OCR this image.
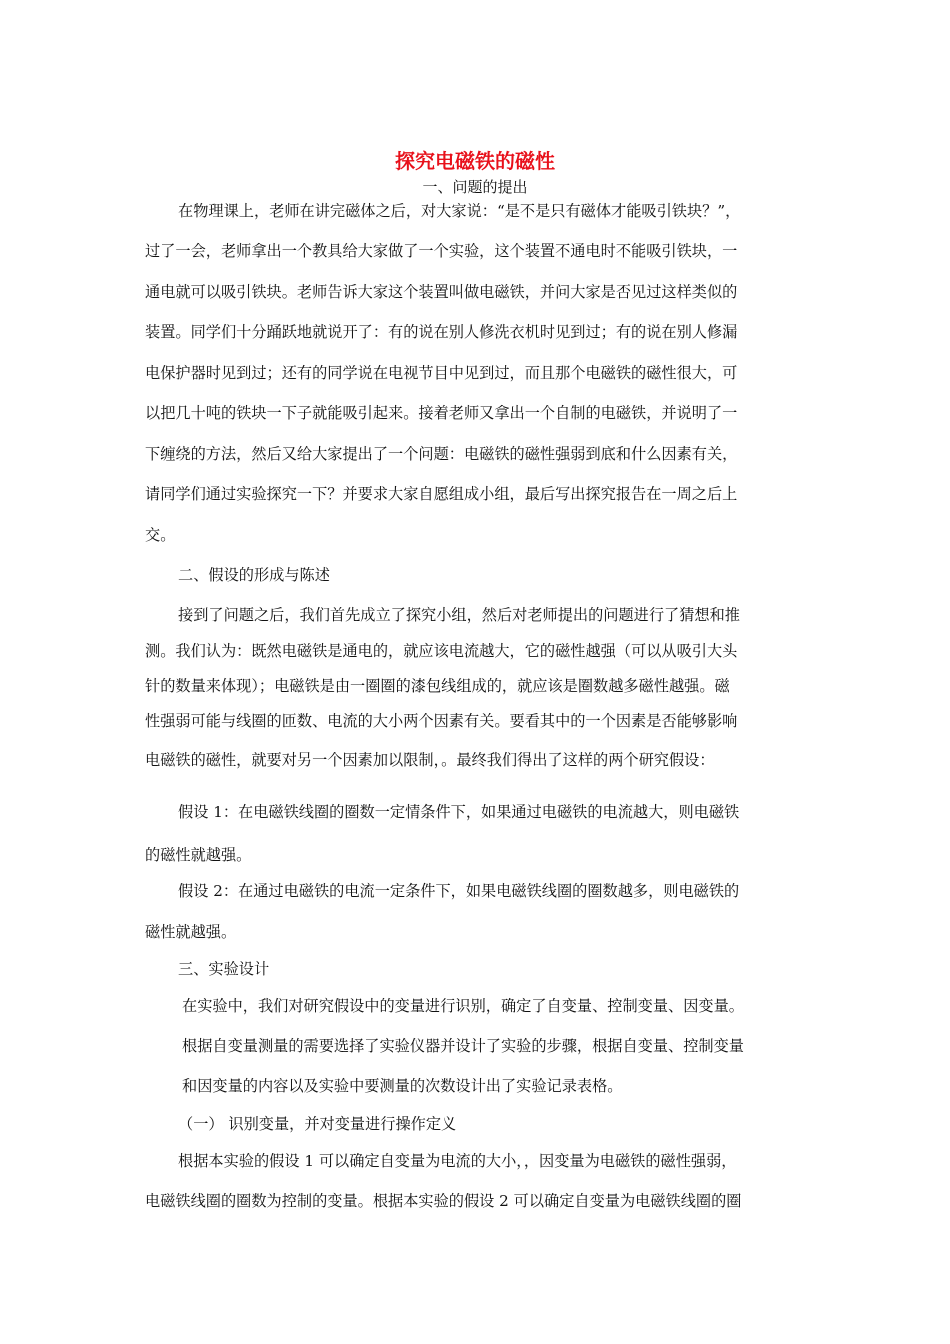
探究电磁铁的磁性
一、问题的提出
在物理课上，老师在讲完磁体之后，对大家说：“是不是只有磁体才能吸引铁块？”，
过了一会，老师拿出一个教具给大家做了一个实验，这个装置不通电时不能吸引铁块，一
通电就可以吸引铁块。老师告诉大家这个装置叫做电磁铁，并问大家是否见过这样类似的
装置。同学们十分踊跃地就说开了：有的说在别人修洗衣机时见到过；有的说在别人修漏
电保护器时见到过；还有的同学说在电视节目中见到过，而且那个电磁铁的磁性很大，可
以把几十吨的铁块一下子就能吸引起来。接着老师又拿出一个自制的电磁铁，并说明了一
下缠绕的方法，然后又给大家提出了一个问题：电磁铁的磁性强弱到底和什么因素有关，
请同学们通过实验探究一下？并要求大家自愿组成小组，最后写出探究报告在一周之后上
交。
二、假设的形成与陈述
接到了问题之后，我们首先成立了探究小组，然后对老师提出的问题进行了猜想和推
测。我们认为：既然电磁铁是通电的，就应该电流越大，它的磁性越强（可以从吸引大头
针的数量来体现）；电磁铁是由一圈圈的漆包线组成的，就应该是圈数越多磁性越强。磁
性强弱可能与线圈的匝数、电流的大小两个因素有关。要看其中的一个因素是否能够影响
电磁铁的磁性，就要对另一个因素加以限制，。最终我们得出了这样的两个研究假设：
假设 1：在电磁铁线圈的圈数一定情条件下，如果通过电磁铁的电流越大，则电磁铁
的磁性就越强。
假设 2：在通过电磁铁的电流一定条件下，如果电磁铁线圈的圈数越多，则电磁铁的
磁性就越强。
三、实验设计
在实验中，我们对研究假设中的变量进行识别，确定了自变量、控制变量、因变量。
根据自变量测量的需要选择了实验仪器并设计了实验的步骤，根据自变量、控制变量
和因变量的内容以及实验中要测量的次数设计出了实验记录表格。
（一） 识别变量，并对变量进行操作定义
根据本实验的假设 1 可以确定自变量为电流的大小，，因变量为电磁铁的磁性强弱，
电磁铁线圈的圈数为控制的变量。根据本实验的假设 2 可以确定自变量为电磁铁线圈的圈
